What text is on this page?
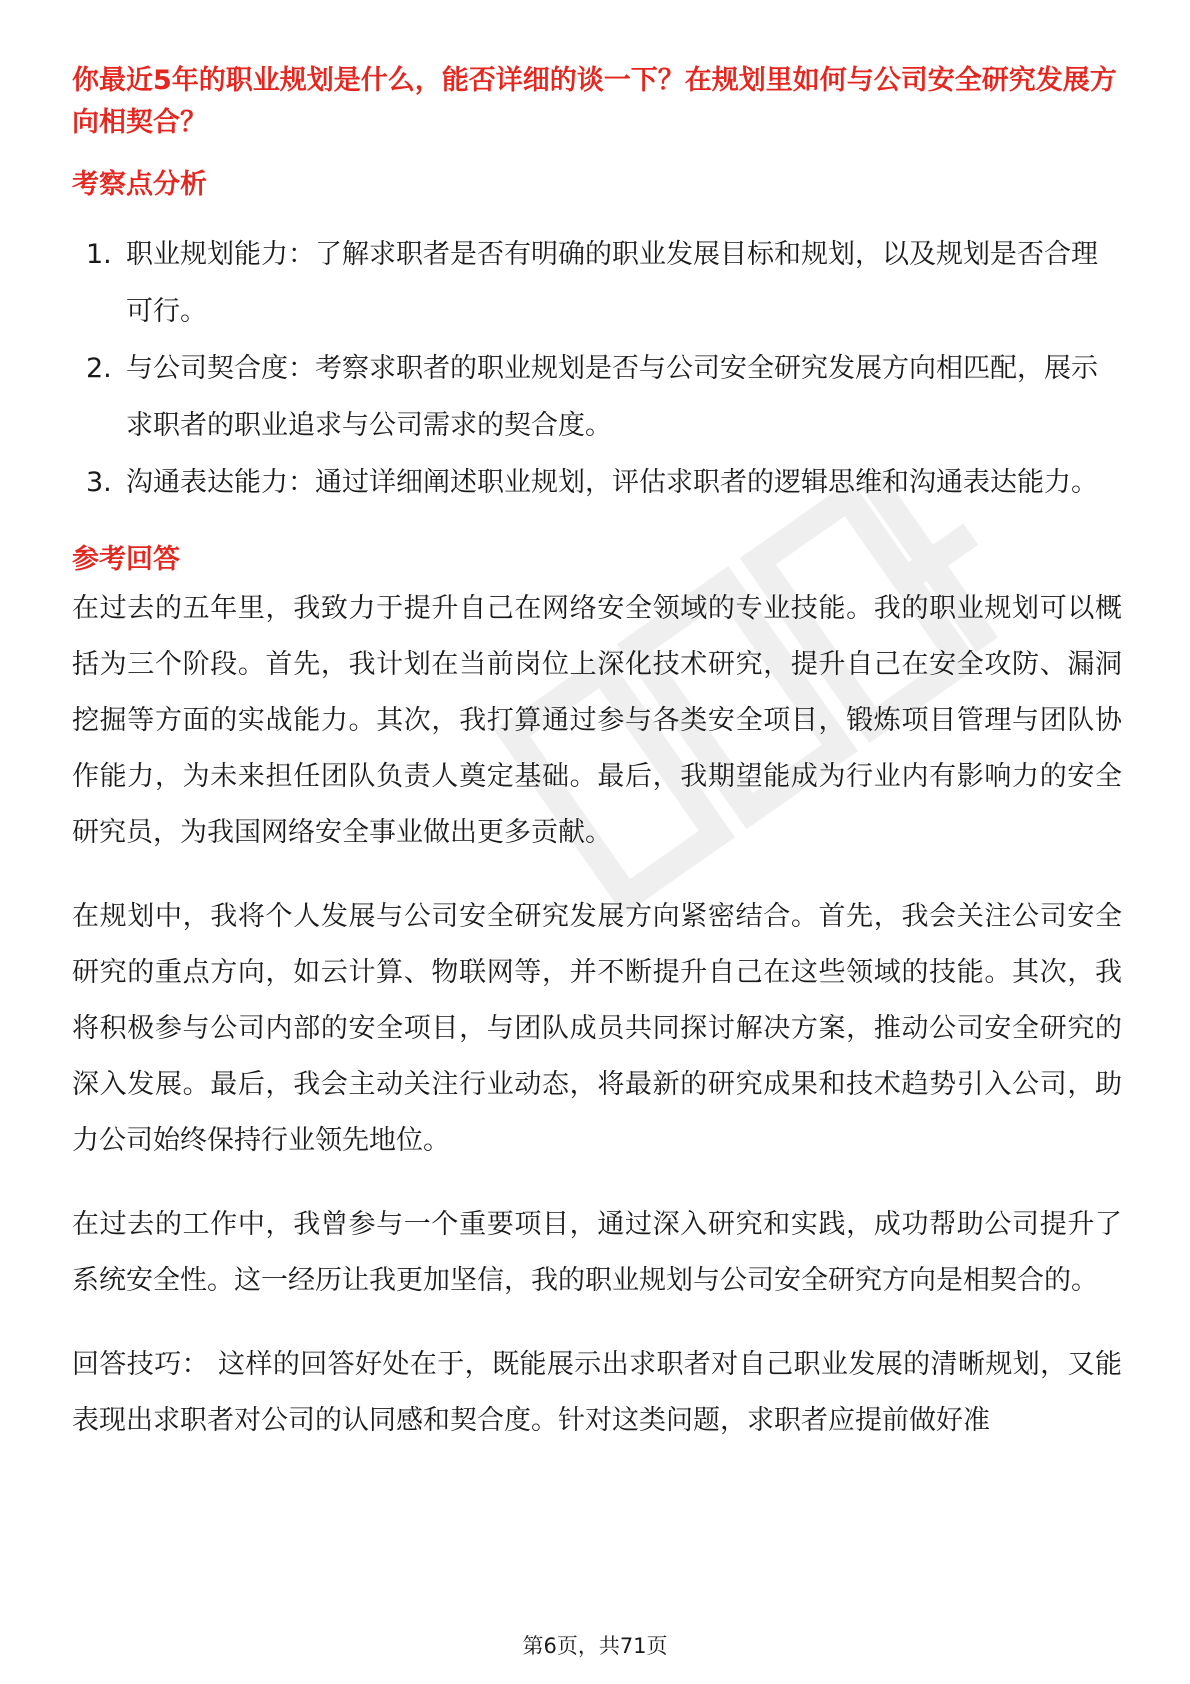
你最近5年的职业规划是什么，能否详细的谈一下？在规划里如何与公司安全研究发展方向相契合？
考察点分析
1. 职业规划能力：了解求职者是否有明确的职业发展目标和规划，以及规划是否合理可行。
2. 与公司契合度：考察求职者的职业规划是否与公司安全研究发展方向相匹配，展示求职者的职业追求与公司需求的契合度。
3. 沟通表达能力：通过详细阐述职业规划，评估求职者的逻辑思维和沟通表达能力。
参考回答

在过去的五年里，我致力于提升自己在网络安全领域的专业技能。我的职业规划可以概括为三个阶段。首先，我计划在当前岗位上深化技术研究，提升自己在安全攻防、漏洞挖掘等方面的实战能力。其次，我打算通过参与各类安全项目，锻炼项目管理与团队协作能力，为未来担任团队负责人奠定基础。最后，我期望能成为行业内有影响力的安全研究员，为我国网络安全事业做出更多贡献。

在规划中，我将个人发展与公司安全研究发展方向紧密结合。首先，我会关注公司安全研究的重点方向，如云计算、物联网等，并不断提升自己在这些领域的技能。其次，我将积极参与公司内部的安全项目，与团队成员共同探讨解决方案，推动公司安全研究的深入发展。最后，我会主动关注行业动态，将最新的研究成果和技术趋势引入公司，助力公司始终保持行业领先地位。

在过去的工作中，我曾参与一个重要项目，通过深入研究和实践，成功帮助公司提升了系统安全性。这一经历让我更加坚信，我的职业规划与公司安全研究方向是相契合的。

回答技巧： 这样的回答好处在于，既能展示出求职者对自己职业发展的清晰规划，又能表现出求职者对公司的认同感和契合度。针对这类问题，求职者应提前做好准

第6页，共71页
